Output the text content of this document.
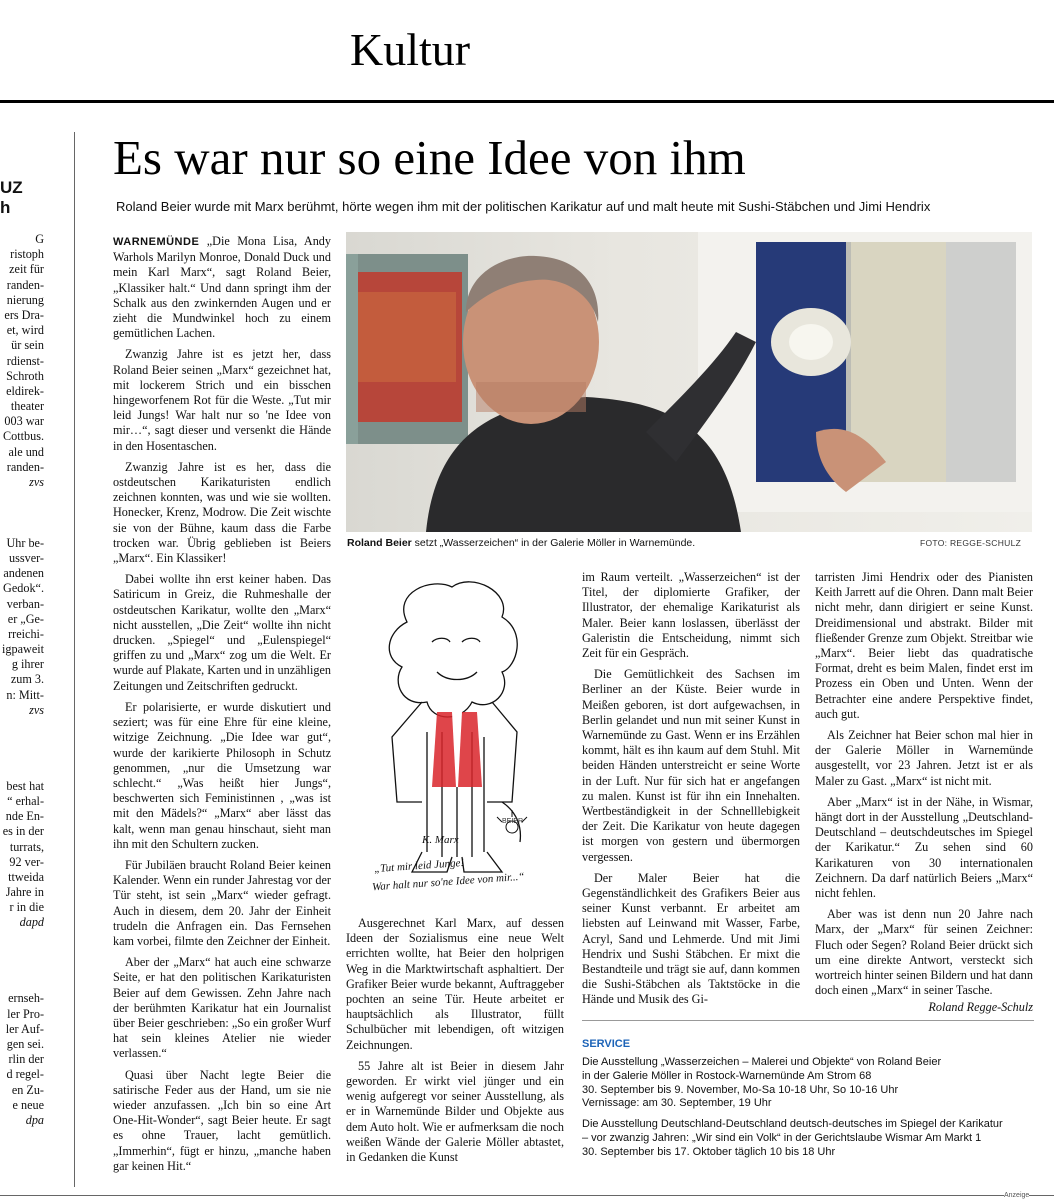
Kultur
UZ
h
G
ristoph
zeit für
randen-
nierung
ers Dra-
et, wird
ür sein
rdienst-
Schroth
eldirek-
theater
003 war
Cottbus.
ale und
randen-
zvs
Uhr be-
ussver-
andenen
Gedok“.
verban-
er „Ge-
rreichi-
igpaweit
g ihrer
zum 3.
n: Mitt-
zvs
best hat
“ erhal-
nde En-
es in der
turrats,
92 ver-
ttweida
Jahre in
r in die
dapd
ernseh-
ler Pro-
ler Auf-
gen sei.
rlin der
d regel-
en Zu-
e neue
dpa
Es war nur so eine Idee von ihm
Roland Beier wurde mit Marx berühmt, hörte wegen ihm mit der politischen Karikatur auf und malt heute mit Sushi-Stäbchen und Jimi Hendrix
Roland Beier setzt „Wasserzeichen“ in der Galerie Möller in Warnemünde.	FOTO: REGGE-SCHULZ

WARNEMÜNDE „Die Mona Lisa, Andy Warhols Marilyn Monroe, Donald Duck und mein Karl Marx“, sagt Roland Beier, „Klassiker halt.“ Und dann springt ihm der Schalk aus den zwinkernden Augen und er zieht die Mundwinkel hoch zu einem gemütlichen Lachen.

Zwanzig Jahre ist es jetzt her, dass Roland Beier seinen „Marx“ gezeichnet hat, mit lockerem Strich und ein bisschen hingeworfenem Rot für die Weste. „Tut mir leid Jungs! War halt nur so 'ne Idee von mir…“, sagt dieser und versenkt die Hände in den Hosentaschen.

Zwanzig Jahre ist es her, dass die ostdeutschen Karikaturisten endlich zeichnen konnten, was und wie sie wollten. Honecker, Krenz, Modrow. Die Zeit wischte sie von der Bühne, kaum dass die Farbe trocken war. Übrig geblieben ist Beiers „Marx“. Ein Klassiker!

Dabei wollte ihn erst keiner haben. Das Satiricum in Greiz, die Ruhmeshalle der ostdeutschen Karikatur, wollte den „Marx“ nicht ausstellen, „Die Zeit“ wollte ihn nicht drucken. „Spiegel“ und „Eulenspiegel“ griffen zu und „Marx“ zog um die Welt. Er wurde auf Plakate, Karten und in unzähligen Zeitungen und Zeitschriften gedruckt.

Er polarisierte, er wurde diskutiert und seziert; was für eine Ehre für eine kleine, witzige Zeichnung. „Die Idee war gut“, wurde der karikierte Philosoph in Schutz genommen, „nur die Umsetzung war schlecht.“ „Was heißt hier Jungs“, beschwerten sich Feministinnen , „was ist mit den Mädels?“ „Marx“ aber lässt das kalt, wenn man genau hinschaut, sieht man ihn mit den Schultern zucken.

Für Jubiläen braucht Roland Beier keinen Kalender. Wenn ein runder Jahrestag vor der Tür steht, ist sein „Marx“ wieder gefragt. Auch in diesem, dem 20. Jahr der Einheit trudeln die Anfragen ein. Das Fernsehen kam vorbei, filmte den Zeichner der Einheit.

Aber der „Marx“ hat auch eine schwarze Seite, er hat den politischen Karikaturisten Beier auf dem Gewissen. Zehn Jahre nach der berühmten Karikatur hat ein Journalist über Beier geschrieben: „So ein großer Wurf hat sein kleines Atelier nie wieder verlassen.“

Quasi über Nacht legte Beier die satirische Feder aus der Hand, um sie nie wieder anzufassen. „Ich bin so eine Art One-Hit-Wonder“, sagt Beier heute. Er sagt es ohne Trauer, lacht gemütlich. „Immerhin“, fügt er hinzu, „manche haben gar keinen Hit.“

BEIER
K. Marx
„Tut mir leid Junge!
War halt nur so'ne Idee von mir...“

Ausgerechnet Karl Marx, auf dessen Ideen der Sozialismus eine neue Welt errichten wollte, hat Beier den holprigen Weg in die Marktwirtschaft asphaltiert. Der Grafiker Beier wurde bekannt, Auftraggeber pochten an seine Tür. Heute arbeitet er hauptsächlich als Illustrator, füllt Schulbücher mit lebendigen, oft witzigen Zeichnungen.

55 Jahre alt ist Beier in diesem Jahr geworden. Er wirkt viel jünger und ein wenig aufgeregt vor seiner Ausstellung, als er in Warnemünde Bilder und Objekte aus dem Auto holt. Wie er aufmerksam die noch weißen Wände der Galerie Möller abtastet, in Gedanken die Kunst

im Raum verteilt. „Wasserzeichen“ ist der Titel, der diplomierte Grafiker, der Illustrator, der ehemalige Karikaturist als Maler. Beier kann loslassen, überlässt der Galeristin die Entscheidung, nimmt sich Zeit für ein Gespräch.

Die Gemütlichkeit des Sachsen im Berliner an der Küste. Beier wurde in Meißen geboren, ist dort aufgewachsen, in Berlin gelandet und nun mit seiner Kunst in Warnemünde zu Gast. Wenn er ins Erzählen kommt, hält es ihn kaum auf dem Stuhl. Mit beiden Händen unterstreicht er seine Worte in der Luft. Nur für sich hat er angefangen zu malen. Kunst ist für ihn ein Innehalten. Wertbeständigkeit in der Schnelllebigkeit der Zeit. Die Karikatur von heute dagegen ist morgen von gestern und übermorgen vergessen.

Der Maler Beier hat die Gegenständlichkeit des Grafikers Beier aus seiner Kunst verbannt. Er arbeitet am liebsten auf Leinwand mit Wasser, Farbe, Acryl, Sand und Lehmerde. Und mit Jimi Hendrix und Sushi Stäbchen. Er mixt die Bestandteile und trägt sie auf, dann kommen die Sushi-Stäbchen als Taktstöcke in die Hände und Musik des Gi-

tarristen Jimi Hendrix oder des Pianisten Keith Jarrett auf die Ohren. Dann malt Beier nicht mehr, dann dirigiert er seine Kunst. Dreidimensional und abstrakt. Bilder mit fließender Grenze zum Objekt. Streitbar wie „Marx“. Beier liebt das quadratische Format, dreht es beim Malen, findet erst im Prozess ein Oben und Unten. Wenn der Betrachter eine andere Perspektive findet, auch gut.

Als Zeichner hat Beier schon mal hier in der Galerie Möller in Warnemünde ausgestellt, vor 23 Jahren. Jetzt ist er als Maler zu Gast. „Marx“ ist nicht mit.

Aber „Marx“ ist in der Nähe, in Wismar, hängt dort in der Ausstellung „Deutschland-Deutschland – deutschdeutsches im Spiegel der Karikatur.“ Zu sehen sind 60 Karikaturen von 30 internationalen Zeichnern. Da darf natürlich Beiers „Marx“ nicht fehlen.

Aber was ist denn nun 20 Jahre nach Marx, der „Marx“ für seinen Zeichner: Fluch oder Segen? Roland Beier drückt sich um eine direkte Antwort, versteckt sich wortreich hinter seinen Bildern und hat dann doch einen „Marx“ in seiner Tasche.

Roland Regge-Schulz
SERVICE

Die Ausstellung „Wasserzeichen – Malerei und Objekte“ von Roland Beier
in der Galerie Möller in Rostock-Warnemünde Am Strom 68
30. September bis 9. November, Mo-Sa 10-18 Uhr, So 10-16 Uhr
Vernissage: am 30. September, 19 Uhr

Die Ausstellung Deutschland-Deutschland deutsch-deutsches im Spiegel der Karikatur
– vor zwanzig Jahren: „Wir sind ein Volk“ in der Gerichtslaube Wismar Am Markt 1
30. September bis 17. Oktober täglich 10 bis 18 Uhr

Anzeige
